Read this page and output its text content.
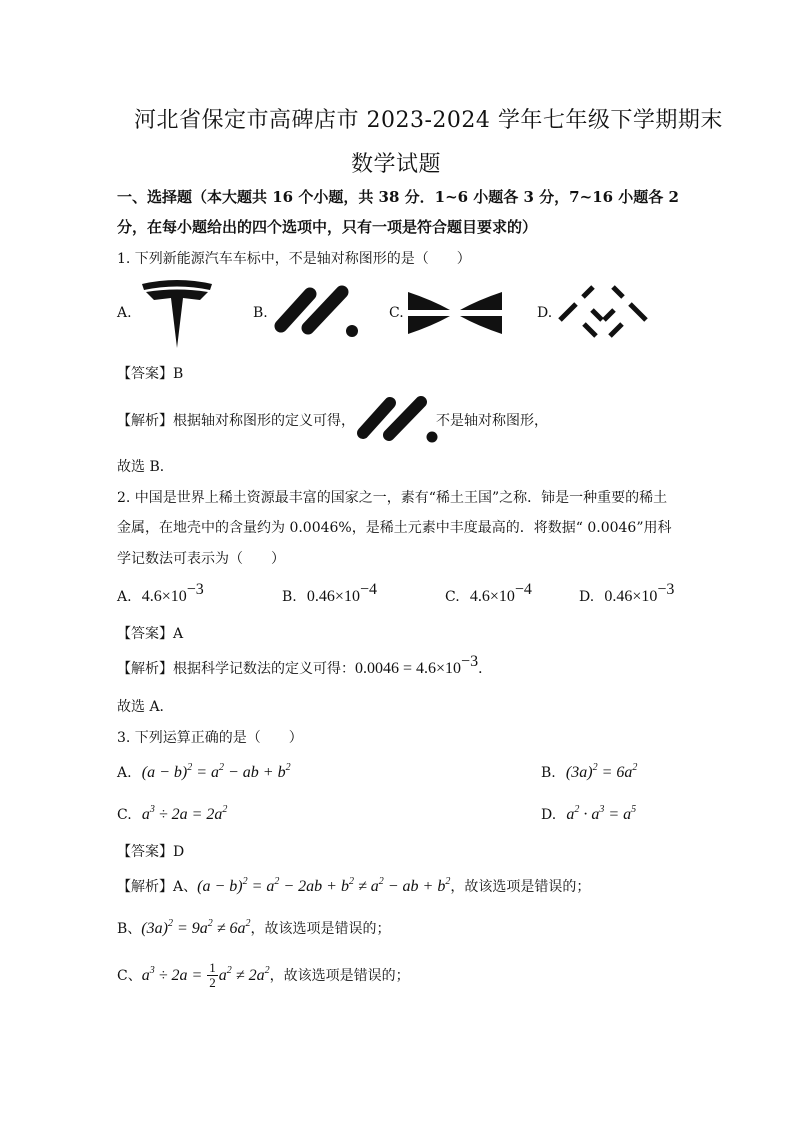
河北省保定市高碑店市 2023-2024 学年七年级下学期期末
数学试题
一、选择题（本大题共 16 个小题，共 38 分．1~6 小题各 3 分，7~16 小题各 2
分，在每小题给出的四个选项中，只有一项是符合题目要求的）
1. 下列新能源汽车车标中，不是轴对称图形的是（　　）
A.	B.	C.	D.
【答案】B
【解析】根据轴对称图形的定义可得，	不是轴对称图形，
故选 B．
2. 中国是世界上稀土资源最丰富的国家之一，素有“稀土王国”之称．铈是一种重要的稀土
金属，在地壳中的含量约为 0.0046%，是稀土元素中丰度最高的．将数据“ 0.0046”用科
学记数法可表示为（　　）
A. $4.6\times 10^{-3}$	B. $0.46\times 10^{-4}$	C. $4.6\times 10^{-4}$	D. $0.46\times 10^{-3}$
【答案】A
【解析】根据科学记数法的定义可得：$0.0046 = 4.6\times 10^{-3}$．
故选 A．
3. 下列运算正确的是（　　）
A. $(a - b)^2 = a^2$ − ab + $b^2$	B. $(3a)^2 = 6a^2$
C. $a^3 \div 2a = 2a^2$	D. $a^2 \cdot a^3 = a^5$
【答案】D
【解析】A、$(a - b)^2 = a^2 - 2ab + b^2 \ne a^2$ − ab + $b^2$，故该选项是错误的；
B、$(3a)^2 = 9a^2 \ne 6a^2$，故该选项是错误的；
C、$a^3 \div 2a = \frac{1}{2} a^2 \ne 2a^2$，故该选项是错误的；
